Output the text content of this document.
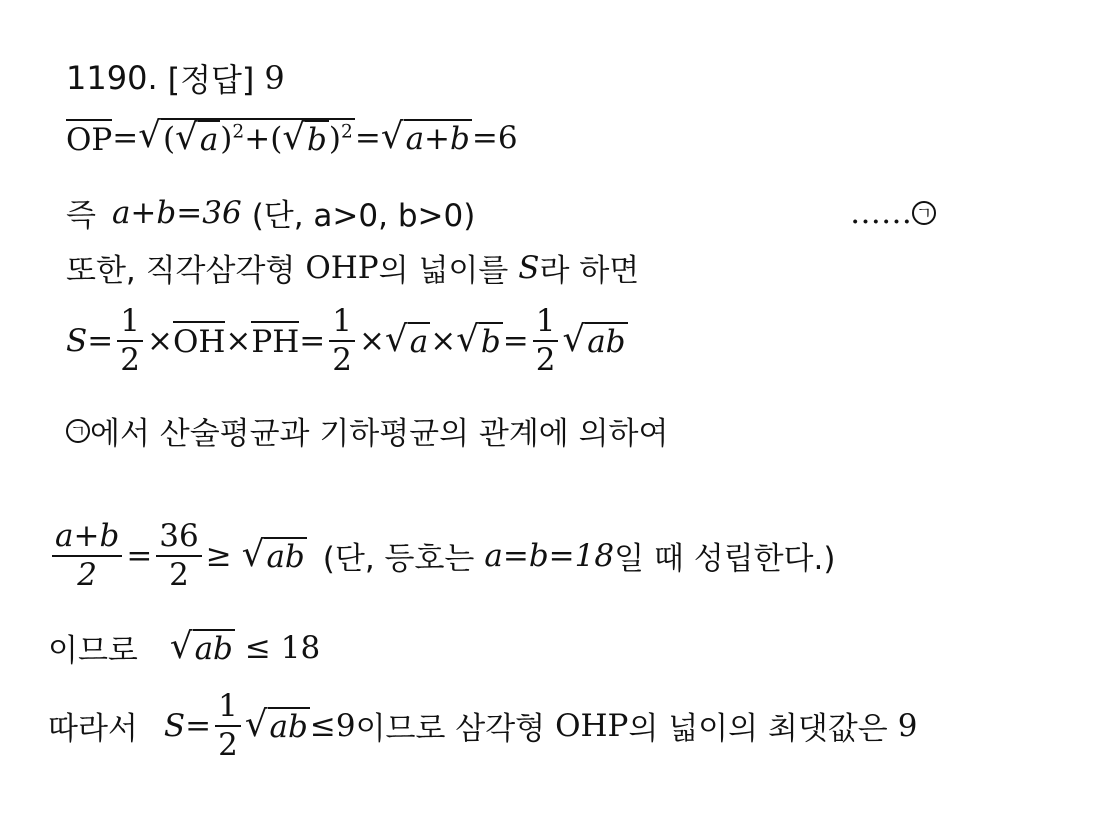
1190. [정답] 9
OP = √ ( √ a )$^2$+( √ b )$^2$ = √ a+b =6
즉 a+b=36 (단, a>0, b>0)	…… ㄱ
또한, 직각삼각형 OHP 의 넓이를 S 라 하면
$S = \frac{1}{2}$ × OH × PH = $\frac{1}{2}$ × √ a × √ $b = \frac{1}{2}$ √ ab
ㄱ 에서 산술평균과 기하평균의 관계에 의하여
$\frac{a+b}{2} = \frac{36}{2}$ ≥ √ ab (단, 등호는 a=b=18 일 때 성립한다.)
이므로 √ ab ≤ 18
따라서 $S = \frac{1}{2}$ √ ab ≤9 이므로 삼각형 OHP 의 넓이의 최댓값은 9
